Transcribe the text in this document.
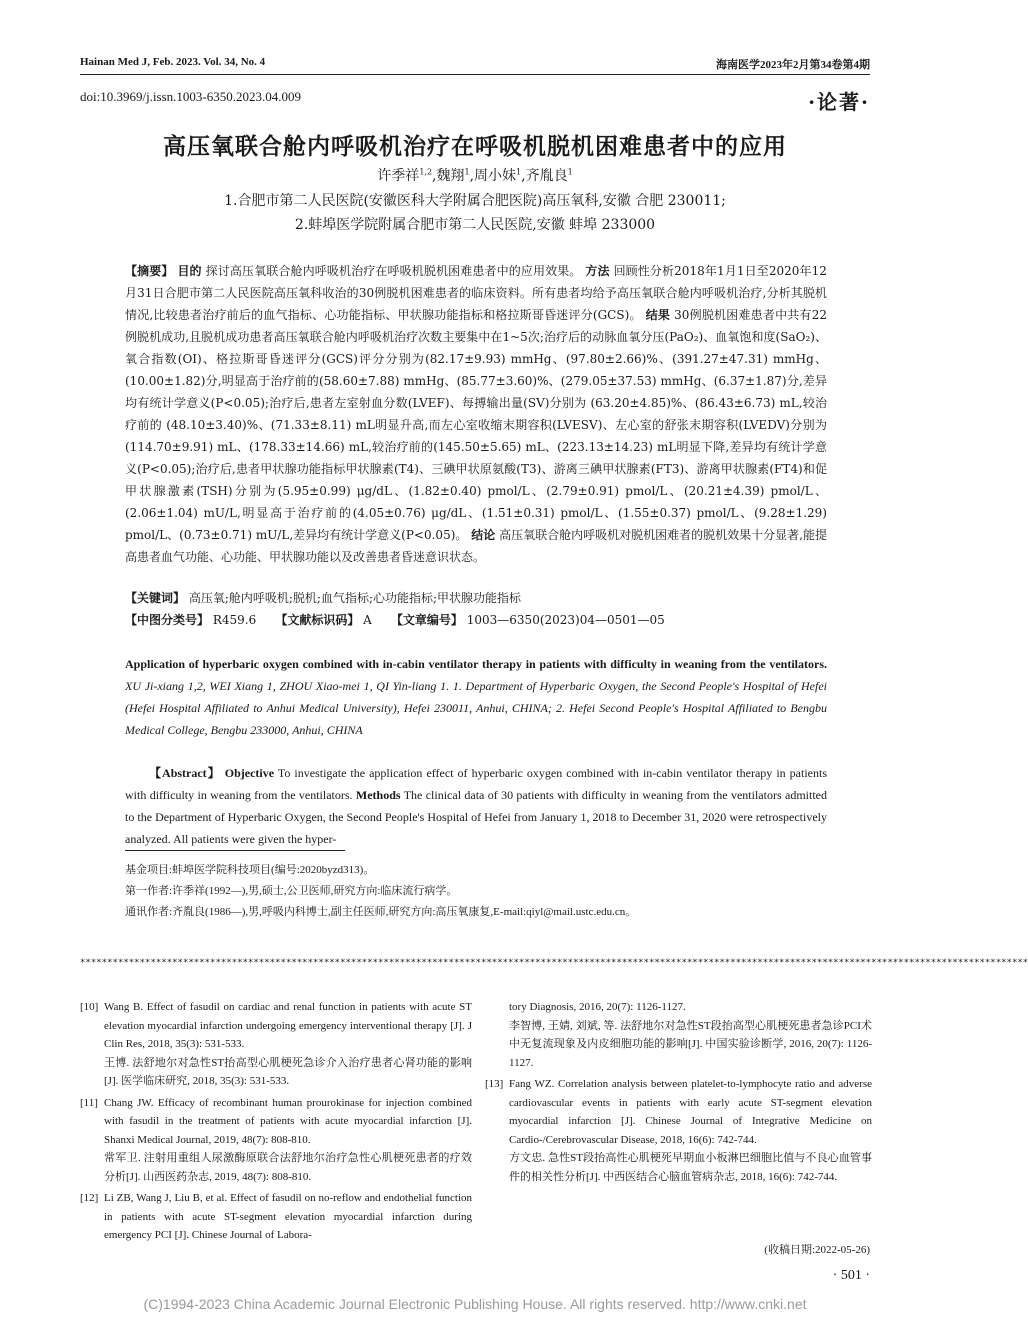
Hainan Med J, Feb. 2023. Vol. 34, No. 4	海南医学2023年2月第34卷第4期
doi:10.3969/j.issn.1003-6350.2023.04.009	·论著·
高压氧联合舱内呼吸机治疗在呼吸机脱机困难患者中的应用
许季祥$^{1,2}$,魏翔$^1$,周小妹$^1$,齐胤良$^1$
1.合肥市第二人民医院(安徽医科大学附属合肥医院)高压氧科,安徽 合肥 230011;
2.蚌埠医学院附属合肥市第二人民医院,安徽 蚌埠 233000
【摘要】 目的 探讨高压氧联合舱内呼吸机治疗在呼吸机脱机困难患者中的应用效果。 方法 回顾性分析2018年1月1日至2020年12月31日合肥市第二人民医院高压氧科收治的30例脱机困难患者的临床资料。所有患者均给予高压氧联合舱内呼吸机治疗,分析其脱机情况,比较患者治疗前后的血气指标、心功能指标、甲状腺功能指标和格拉斯哥昏迷评分(GCS)。 结果 30例脱机困难患者中共有22例脱机成功,且脱机成功患者高压氧联合舱内呼吸机治疗次数主要集中在1~5次;治疗后的动脉血氧分压(PaO₂)、血氧饱和度(SaO₂)、氧合指数(OI)、格拉斯哥昏迷评分(GCS)评分分别为(82.17±9.93) mmHg、(97.80±2.66)%、(391.27±47.31) mmHg、(10.00±1.82)分,明显高于治疗前的(58.60±7.88) mmHg、(85.77±3.60)%、(279.05±37.53) mmHg、(6.37±1.87)分,差异均有统计学意义(P<0.05);治疗后,患者左室射血分数(LVEF)、每搏输出量(SV)分别为 (63.20±4.85)%、(86.43±6.73) mL,较治疗前的 (48.10±3.40)%、(71.33±8.11) mL明显升高,而左心室收缩末期容积(LVESV)、左心室的舒张末期容积(LVEDV)分别为(114.70±9.91) mL、(178.33±14.66) mL,较治疗前的(145.50±5.65) mL、(223.13±14.23) mL明显下降,差异均有统计学意义(P<0.05);治疗后,患者甲状腺功能指标甲状腺素(T4)、三碘甲状原氨酸(T3)、游离三碘甲状腺素(FT3)、游离甲状腺素(FT4)和促甲状腺激素(TSH)分别为(5.95±0.99) μg/dL、(1.82±0.40) pmol/L、(2.79±0.91) pmol/L、(20.21±4.39) pmol/L、(2.06±1.04) mU/L,明显高于治疗前的(4.05±0.76) μg/dL、(1.51±0.31) pmol/L、(1.55±0.37) pmol/L、(9.28±1.29) pmol/L、(0.73±0.71) mU/L,差异均有统计学意义(P<0.05)。 结论 高压氧联合舱内呼吸机对脱机困难者的脱机效果十分显著,能提高患者血气功能、心功能、甲状腺功能以及改善患者昏迷意识状态。
【关键词】 高压氧;舱内呼吸机;脱机;血气指标;心功能指标;甲状腺功能指标
【中图分类号】 R459.6 【文献标识码】 A 【文章编号】 1003—6350(2023)04—0501—05
Application of hyperbaric oxygen combined with in-cabin ventilator therapy in patients with difficulty in weaning from the ventilators. XU Ji-xiang 1,2, WEI Xiang 1, ZHOU Xiao-mei 1, QI Yin-liang 1. 1. Department of Hyperbaric Oxygen, the Second People's Hospital of Hefei (Hefei Hospital Affiliated to Anhui Medical University), Hefei 230011, Anhui, CHINA; 2. Hefei Second People's Hospital Affiliated to Bengbu Medical College, Bengbu 233000, Anhui, CHINA
【Abstract】 Objective To investigate the application effect of hyperbaric oxygen combined with in-cabin ventilator therapy in patients with difficulty in weaning from the ventilators. Methods The clinical data of 30 patients with difficulty in weaning from the ventilators admitted to the Department of Hyperbaric Oxygen, the Second People's Hospital of Hefei from January 1, 2018 to December 31, 2020 were retrospectively analyzed. All patients were given the hyper-
基金项目:蚌埠医学院科技项目(编号:2020byzd313)。
第一作者:许季祥(1992—),男,硕士,公卫医师,研究方向:临床流行病学。
通讯作者:齐胤良(1986—),男,呼吸内科博士,副主任医师,研究方向:高压氧康复,E-mail:qiyl@mail.ustc.edu.cn。
*******************************************************************************************************************************************************************************
[10] Wang B. Effect of fasudil on cardiac and renal function in patients with acute ST elevation myocardial infarction undergoing emergency interventional therapy [J]. J Clin Res, 2018, 35(3): 531-533.
王博. 法舒地尔对急性ST抬高型心肌梗死急诊介入治疗患者心肾功能的影响[J]. 医学临床研究, 2018, 35(3): 531-533.
[11] Chang JW. Efficacy of recombinant human prourokinase for injection combined with fasudil in the treatment of patients with acute myocardial infarction [J]. Shanxi Medical Journal, 2019, 48(7): 808-810.
常军卫. 注射用重组人尿激酶原联合法舒地尔治疗急性心肌梗死患者的疗效分析[J]. 山西医药杂志, 2019, 48(7): 808-810.
[12] Li ZB, Wang J, Liu B, et al. Effect of fasudil on no-reflow and endothelial function in patients with acute ST-segment elevation myocardial infarction during emergency PCI [J]. Chinese Journal of Labora-
tory Diagnosis, 2016, 20(7): 1126-1127.
李智博, 王婧, 刘斌, 等. 法舒地尔对急性ST段抬高型心肌梗死患者急诊PCI术中无复流现象及内皮细胞功能的影响[J]. 中国实验诊断学, 2016, 20(7): 1126-1127.
[13] Fang WZ. Correlation analysis between platelet-to-lymphocyte ratio and adverse cardiovascular events in patients with early acute ST-segment elevation myocardial infarction [J]. Chinese Journal of Integrative Medicine on Cardio-/Cerebrovascular Disease, 2018, 16(6): 742-744.
方文忠. 急性ST段抬高性心肌梗死早期血小板淋巴细胞比值与不良心血管事件的相关性分析[J]. 中西医结合心脑血管病杂志, 2018, 16(6): 742-744.
(收稿日期:2022-05-26)
· 501 ·
(C)1994-2023 China Academic Journal Electronic Publishing House. All rights reserved. http://www.cnki.net
